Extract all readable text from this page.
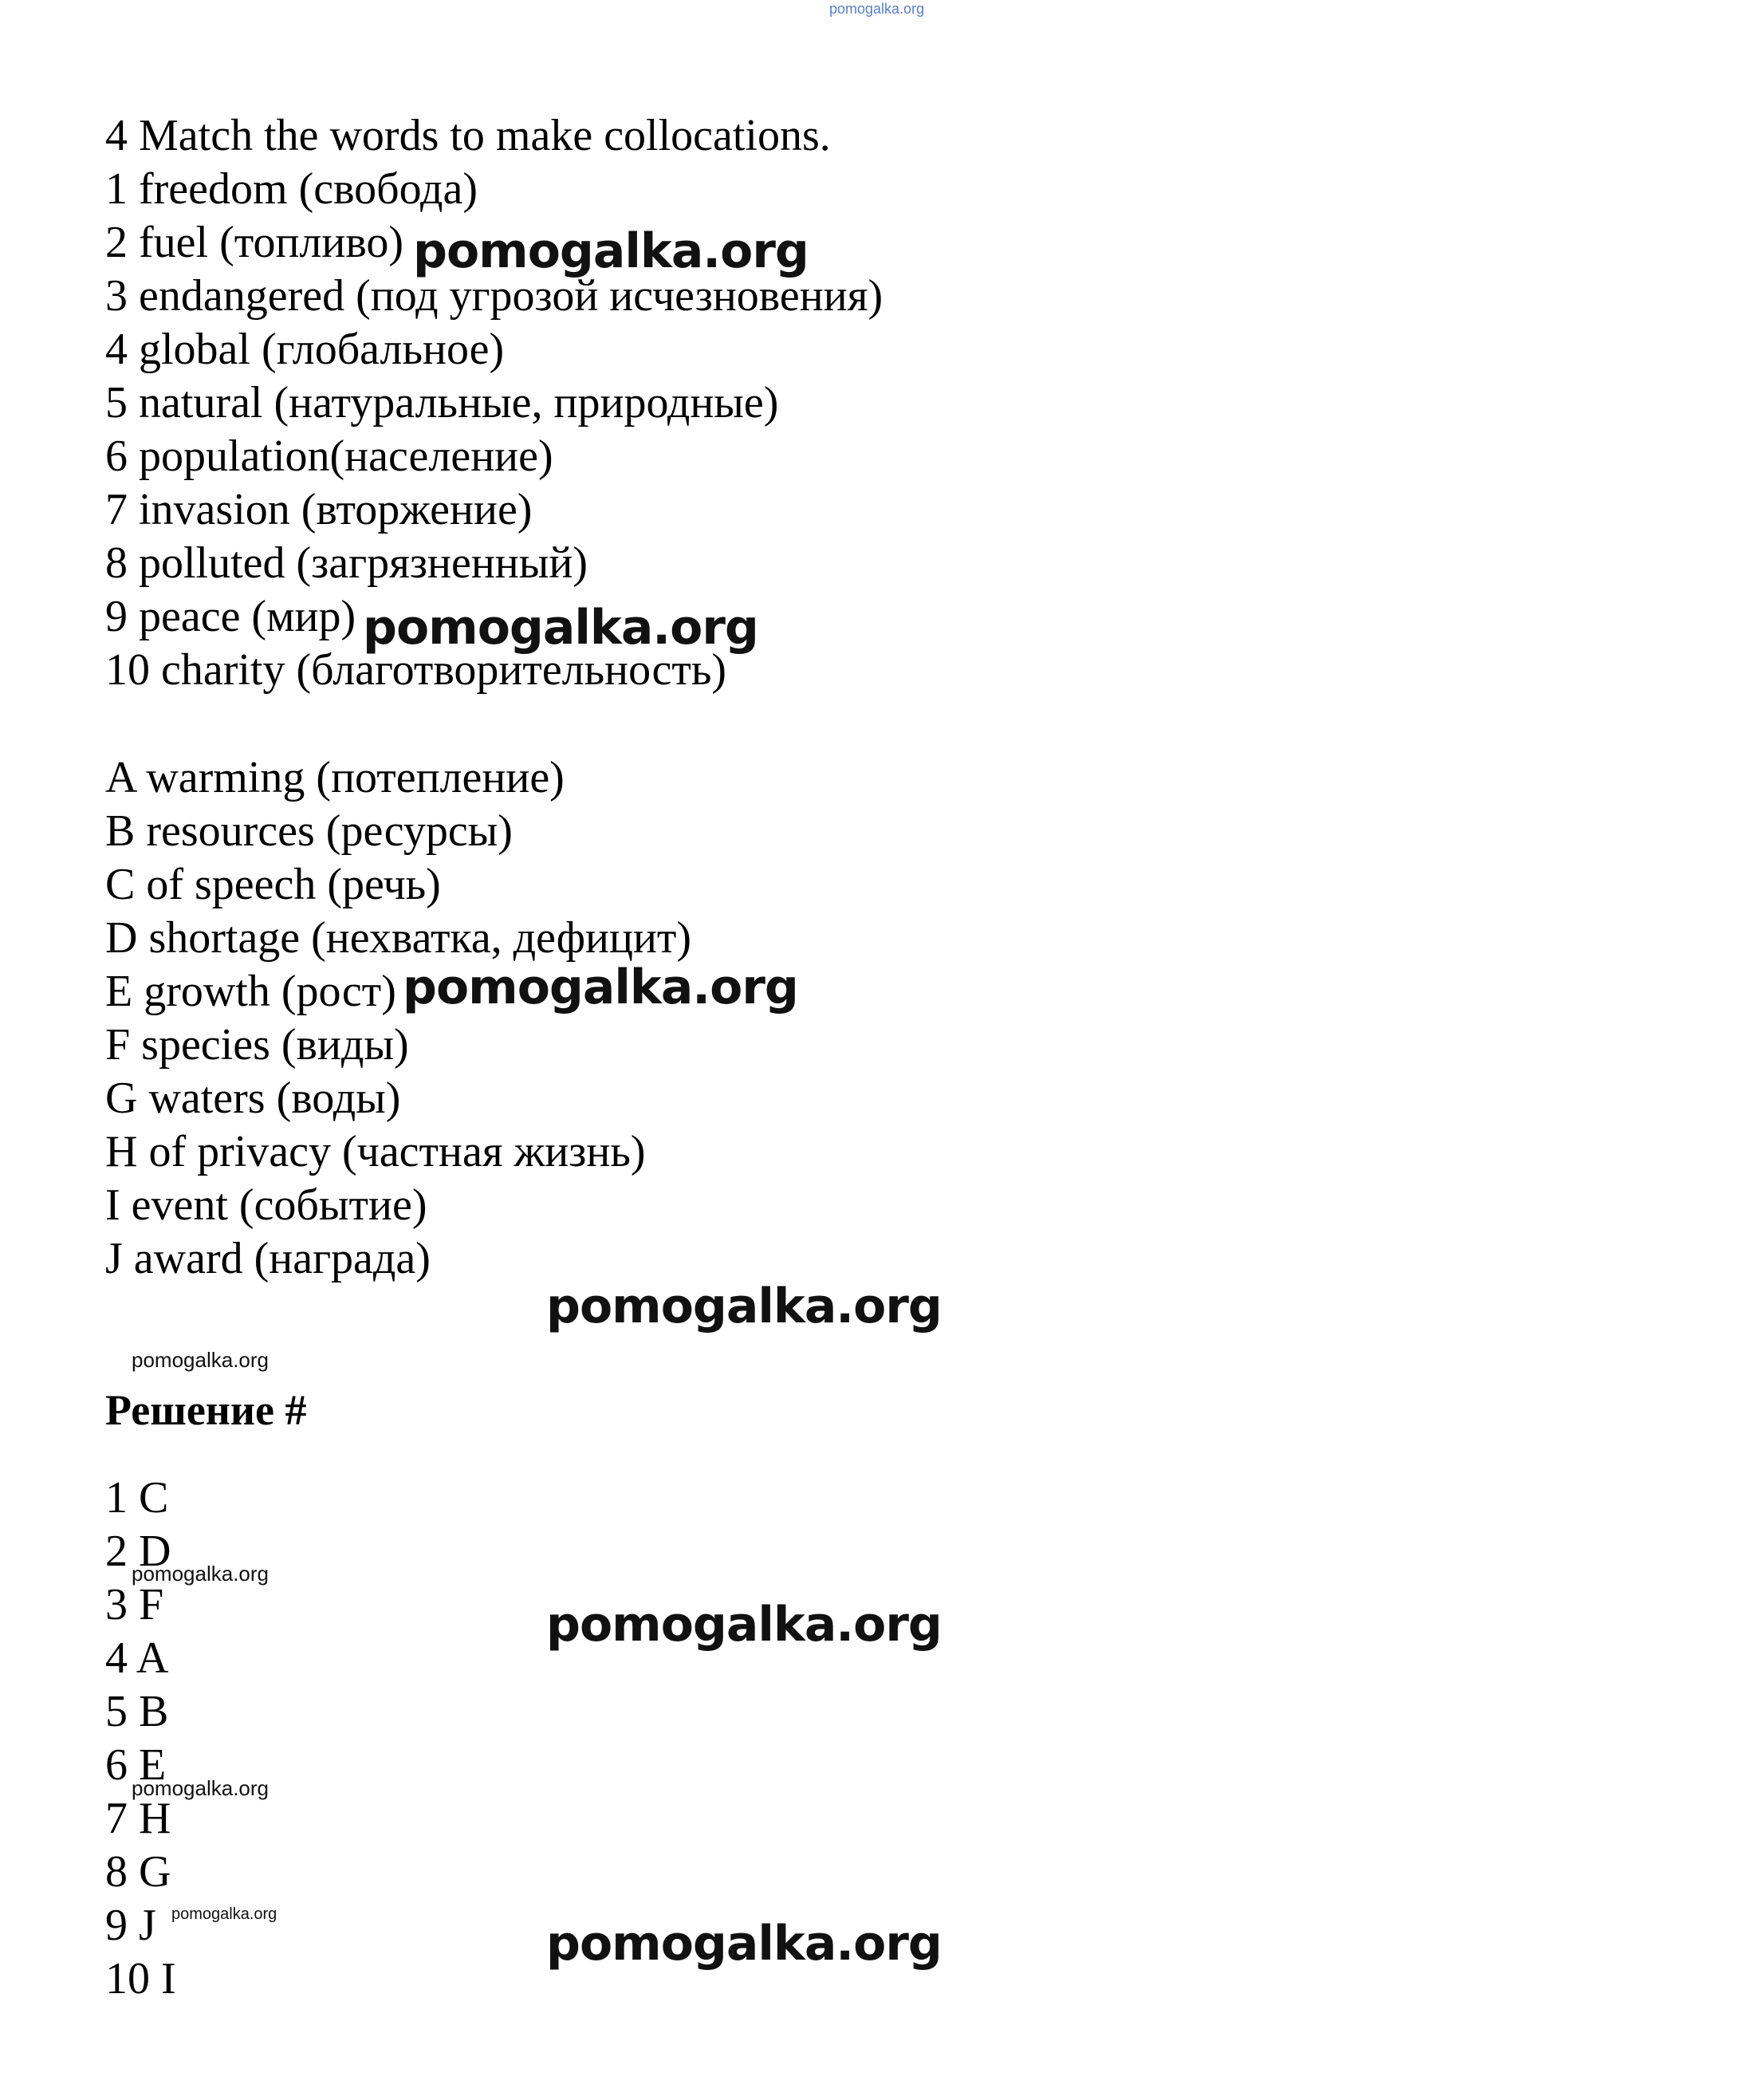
pomogalka.org
4 Match the words to make collocations.
1 freedom (свобода)
2 fuel (топливо)
3 endangered (под угрозой исчезновения)
4 global (глобальное)
5 natural (натуральные, природные)
6 population(население)
7 invasion (вторжение)
8 polluted (загрязненный)
9 peace (мир)
10 charity (благотворительность)
A warming (потепление)
B resources (ресурсы)
C of speech (речь)
D shortage (нехватка, дефицит)
E growth (рост)
F species (виды)
G waters (воды)
H of privacy (частная жизнь)
I event (событие)
J award (награда)
Решение #
1 C
2 D
3 F
4 A
5 B
6 E
7 H
8 G
9 J
10 I
pomogalka.org
pomogalka.org
pomogalka.org
pomogalka.org
pomogalka.org
pomogalka.org
pomogalka.org
pomogalka.org
pomogalka.org
pomogalka.org
